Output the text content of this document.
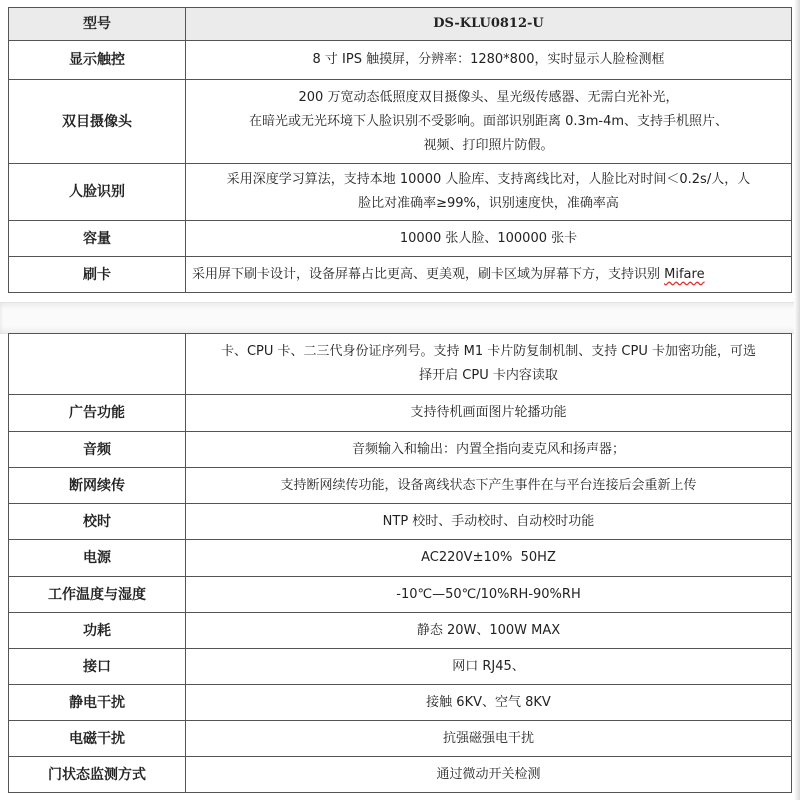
型号	DS-KLU0812-U
显示触控	8 寸 IPS 触摸屏，分辨率：1280*800，实时显示人脸检测框

双目摄像头	200 万宽动态低照度双目摄像头、星光级传感器、无需白光补光，
在暗光或无光环境下人脸识别不受影响。面部识别距离 0.3m-4m、支持手机照片、
视频、打印照片防假。

人脸识别	采用深度学习算法，支持本地 10000 人脸库、支持离线比对，人脸比对时间＜0.2s/人，人
脸比对准确率≥99%，识别速度快，准确率高

容量	10000 张人脸、100000 张卡

刷卡	采用屏下刷卡设计，设备屏幕占比更高、更美观，刷卡区域为屏幕下方，支持识别 Mifare

	卡、CPU 卡、二三代身份证序列号。支持 M1 卡片防复制机制、支持 CPU 卡加密功能，可选
择开启 CPU 卡内容读取

广告功能	支持待机画面图片轮播功能
音频	音频输入和输出：内置全指向麦克风和扬声器；
断网续传	支持断网续传功能，设备离线状态下产生事件在与平台连接后会重新上传
校时	NTP 校时、手动校时、自动校时功能
电源	AC220V±10%  50HZ
工作温度与湿度	-10℃—50℃/10%RH-90%RH
功耗	静态 20W、100W MAX
接口	网口 RJ45、
静电干扰	接触 6KV、空气 8KV
电磁干扰	抗强磁强电干扰
门状态监测方式	通过微动开关检测
